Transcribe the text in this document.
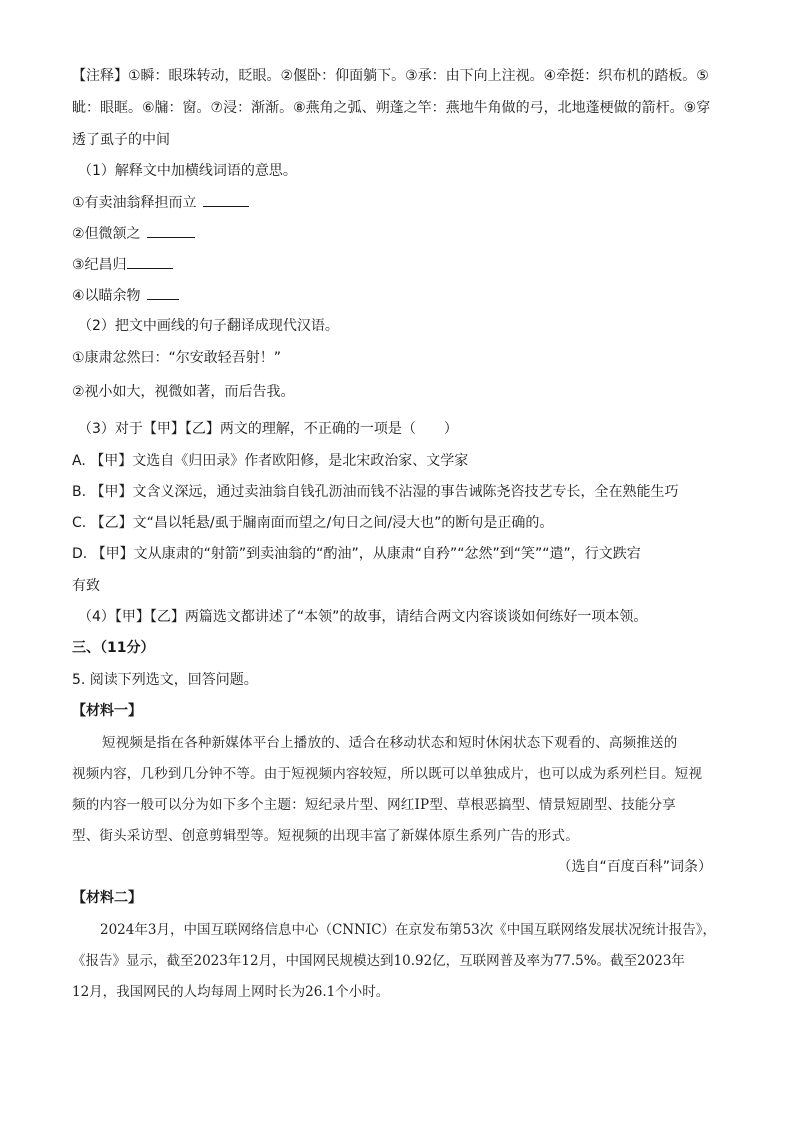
【注释】①瞬：眼珠转动，眨眼。②偃卧：仰面躺下。③承：由下向上注视。④牵挺：织布机的踏板。⑤
眦：眼眶。⑥牖：窗。⑦浸：渐渐。⑧燕角之弧、朔蓬之竿：燕地牛角做的弓，北地蓬梗做的箭杆。⑨穿
透了虱子的中间
（1）解释文中加横线词语的意思。
①有卖油翁释担而立
②但微颔之
③纪昌归
④以瞄余物
（2）把文中画线的句子翻译成现代汉语。
①康肃忿然曰：“尔安敢轻吾射！”
②视小如大，视微如著，而后告我。
（3）对于【甲】【乙】两文的理解，不正确的一项是（　　）
A. 【甲】文选自《归田录》作者欧阳修，是北宋政治家、文学家
B. 【甲】文含义深远，通过卖油翁自钱孔沥油而钱不沾湿的事告诫陈尧咨技艺专长，全在熟能生巧
C. 【乙】文“昌以牦悬/虱于牖南面而望之/旬日之间/浸大也”的断句是正确的。
D. 【甲】文从康肃的“射箭”到卖油翁的“酌油”，从康肃“自矜”“忿然”到“笑”“遣”，行文跌宕
有致
（4）【甲】【乙】两篇选文都讲述了“本领”的故事，请结合两文内容谈谈如何练好一项本领。
三、（11分）
5. 阅读下列选文，回答问题。
【材料一】
短视频是指在各种新媒体平台上播放的、适合在移动状态和短时休闲状态下观看的、高频推送的
视频内容，几秒到几分钟不等。由于短视频内容较短，所以既可以单独成片，也可以成为系列栏目。短视
频的内容一般可以分为如下多个主题：短纪录片型、网红IP型、草根恶搞型、情景短剧型、技能分享
型、街头采访型、创意剪辑型等。短视频的出现丰富了新媒体原生系列广告的形式。
（选自“百度百科”词条）
【材料二】
2024年3月，中国互联网络信息中心（CNNIC）在京发布第53次《中国互联网络发展状况统计报告》，
《报告》显示，截至2023年12月，中国网民规模达到10.92亿，互联网普及率为77.5%。截至2023年
12月，我国网民的人均每周上网时长为26.1个小时。
